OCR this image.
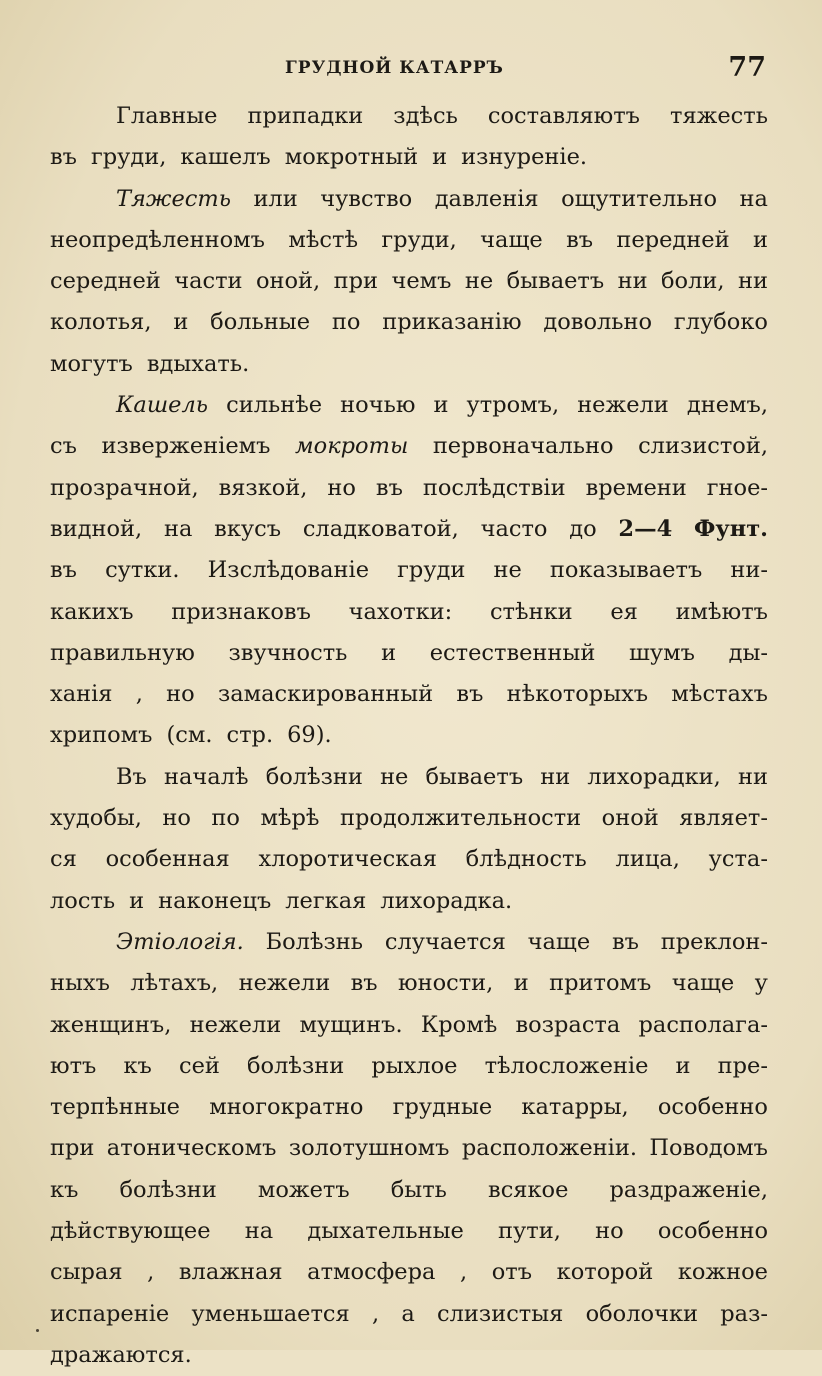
ГРУДНОЙ КАТАРРЪ	77
Главные припадки здѣсь составляютъ тяжесть
въ груди, кашелъ мокротный и изнуреніе.
Тяжесть или чувство давленія ощутительно на
неопредѣленномъ мѣстѣ груди, чаще въ передней и
середней части оной, при чемъ не бываетъ ни боли, ни
колотья, и больные по приказанію довольно глубоко
могутъ вдыхать.
Кашель сильнѣе ночью и утромъ, нежели днемъ,
съ изверженіемъ мокроты первоначально слизистой,
прозрачной, вязкой, но въ послѣдствіи времени гное-
видной, на вкусъ сладковатой, часто до 2—4 Фунт.
въ сутки. Изслѣдованіе груди не показываетъ ни-
какихъ признаковъ чахотки: стѣнки ея имѣютъ
правильную звучность и естественный шумъ ды-
ханія , но замаскированный въ нѣкоторыхъ мѣстахъ
хрипомъ (см. стр. 69).
Въ началѣ болѣзни не бываетъ ни лихорадки, ни
худобы, но по мѣрѣ продолжительности оной являет-
ся особенная хлоротическая блѣдность лица, уста-
лость и наконецъ легкая лихорадка.
Этіологія. Болѣзнь случается чаще въ преклон-
ныхъ лѣтахъ, нежели въ юности, и притомъ чаще у
женщинъ, нежели мущинъ. Кромѣ возраста располага-
ютъ къ сей болѣзни рыхлое тѣлосложеніе и пре-
терпѣнные многократно грудные катарры, особенно
при атоническомъ золотушномъ расположеніи. Поводомъ
къ болѣзни можетъ быть всякое раздраженіе,
дѣйствующее на дыхательные пути, но особенно
сырая , влажная атмосфера , отъ которой кожное
испареніе уменьшается , а слизистыя оболочки раз-
дражаются.
